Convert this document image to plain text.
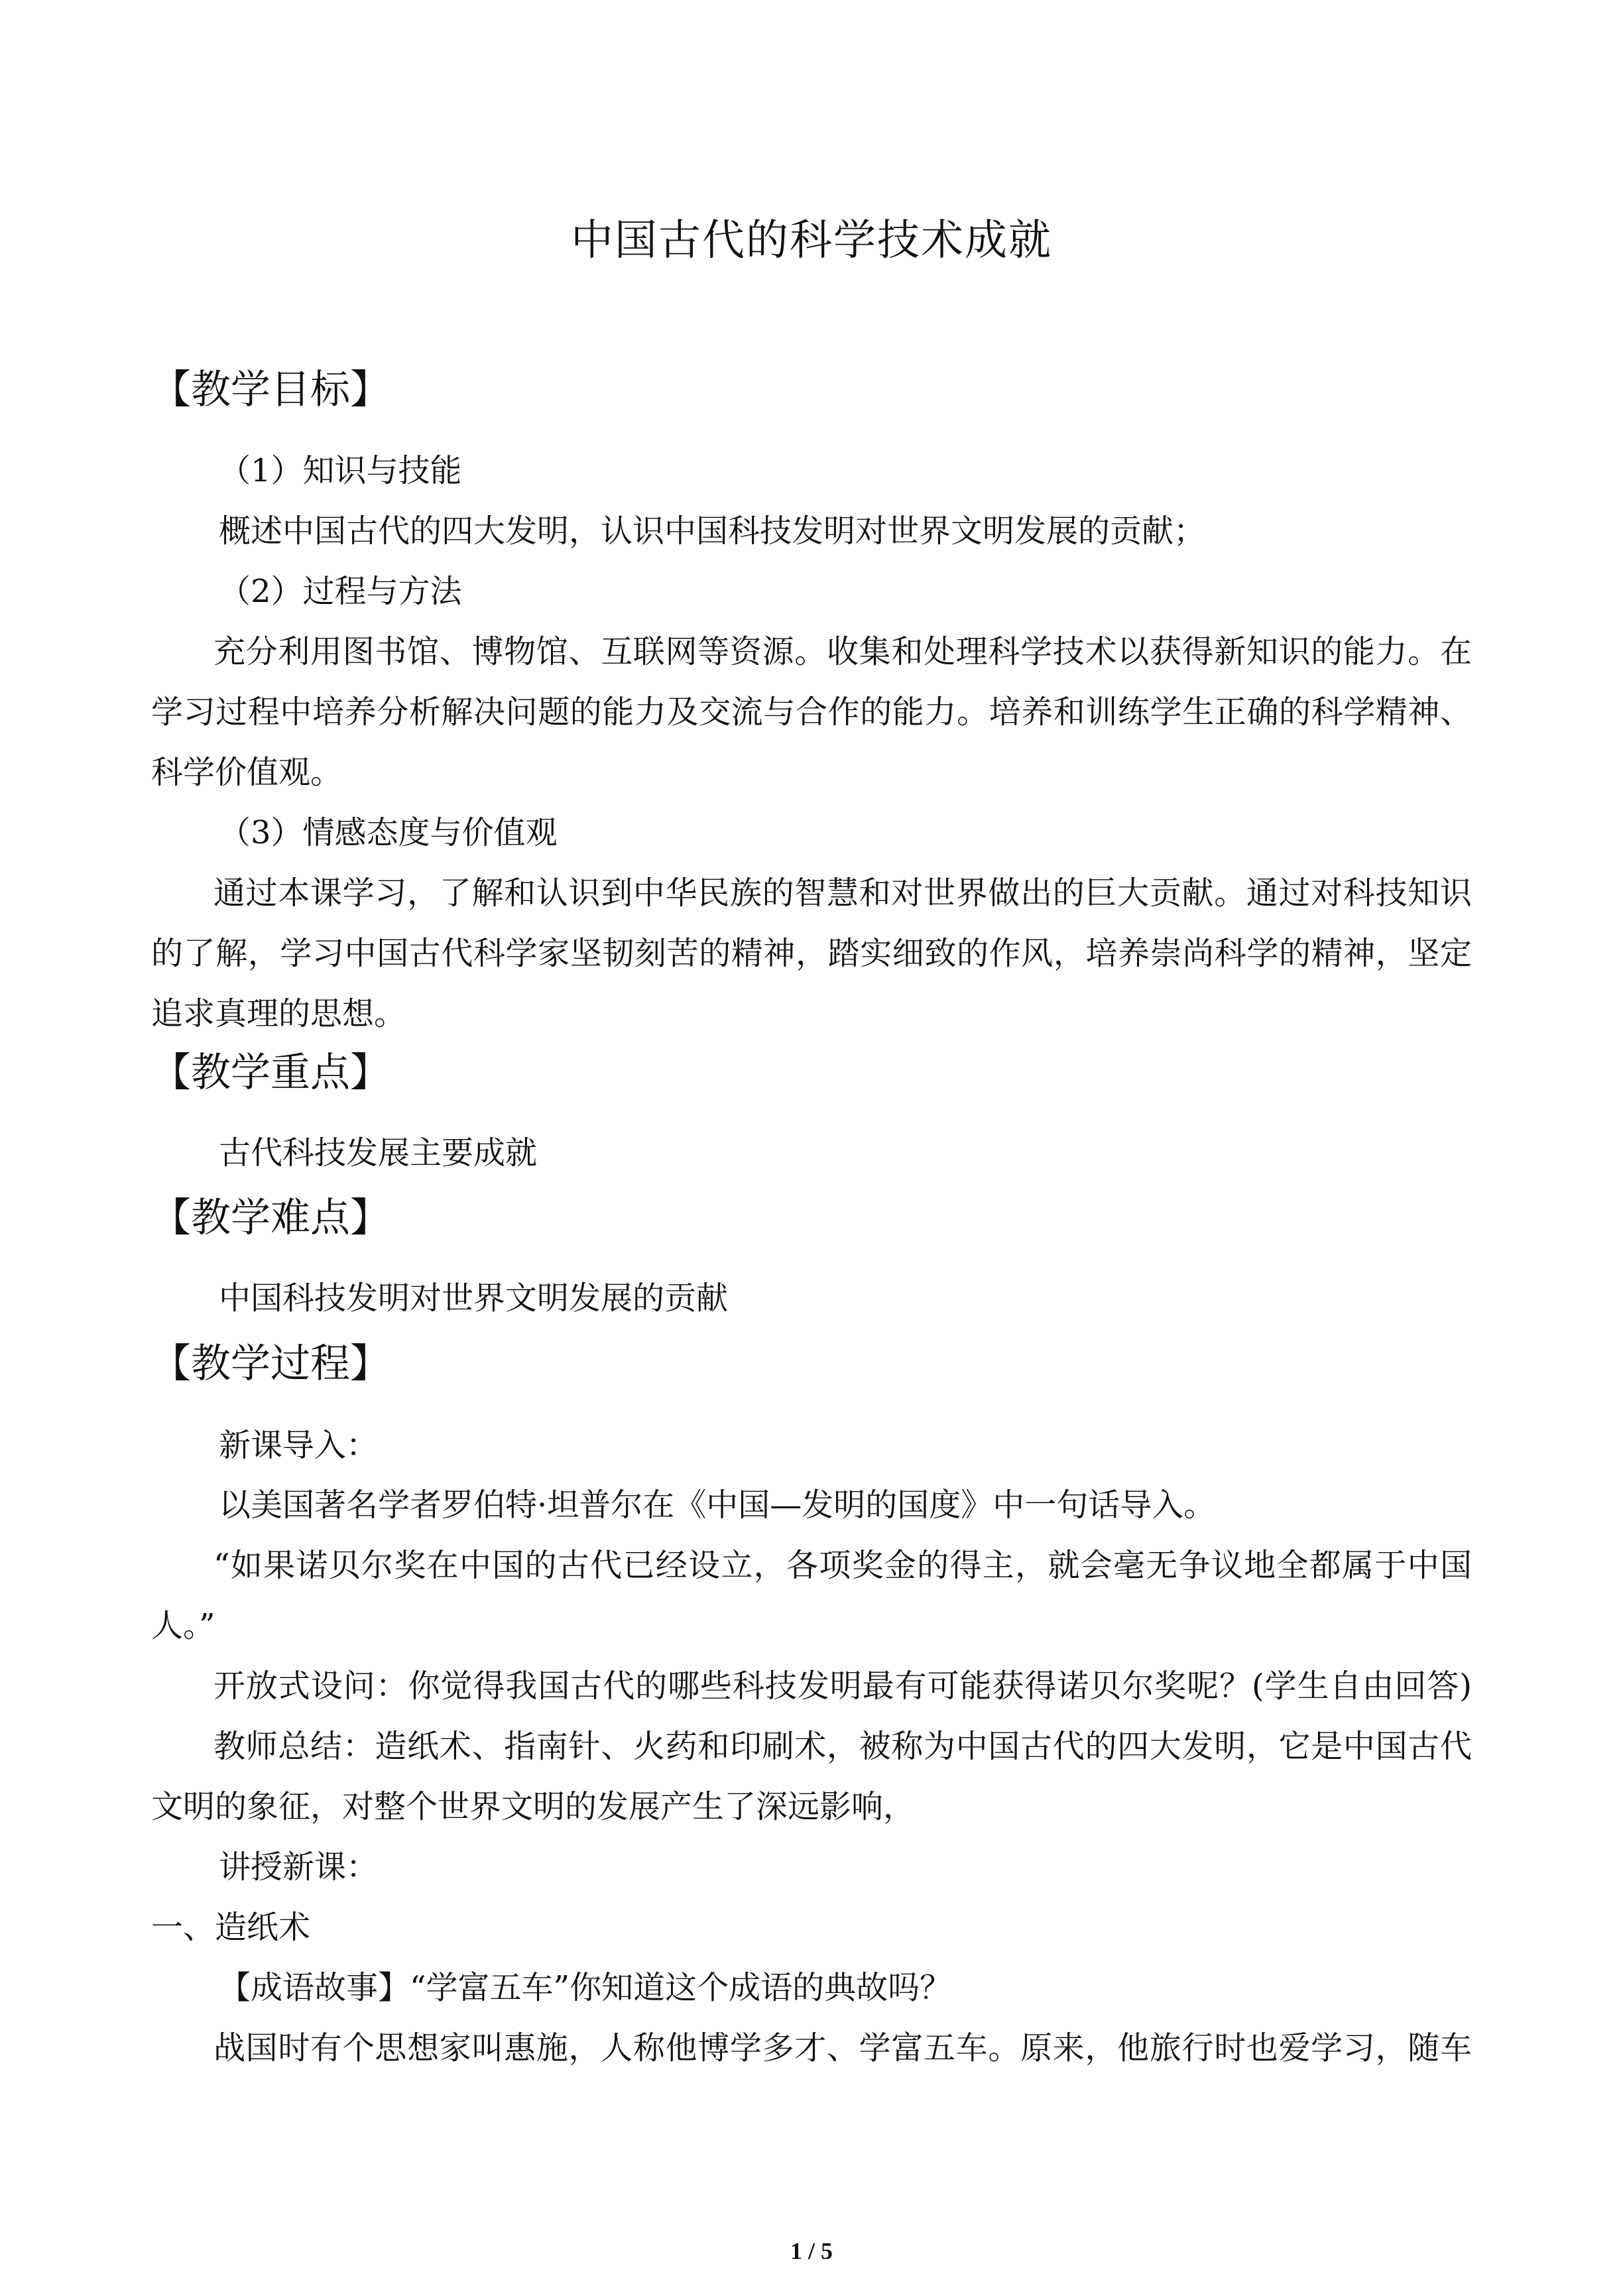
中国古代的科学技术成就
【教学目标】
（1）知识与技能
概述中国古代的四大发明，认识中国科技发明对世界文明发展的贡献；
（2）过程与方法
充分利用图书馆、博物馆、互联网等资源。收集和处理科学技术以获得新知识的能力。在
学习过程中培养分析解决问题的能力及交流与合作的能力。培养和训练学生正确的科学精神、
科学价值观。
（3）情感态度与价值观
通过本课学习，了解和认识到中华民族的智慧和对世界做出的巨大贡献。通过对科技知识
的了解，学习中国古代科学家坚韧刻苦的精神，踏实细致的作风，培养崇尚科学的精神，坚定
追求真理的思想。
【教学重点】
古代科技发展主要成就
【教学难点】
中国科技发明对世界文明发展的贡献
【教学过程】
新课导入：
以美国著名学者罗伯特·坦普尔在《中国—发明的国度》中一句话导入。
“如果诺贝尔奖在中国的古代已经设立，各项奖金的得主，就会毫无争议地全都属于中国
人。”
开放式设问：你觉得我国古代的哪些科技发明最有可能获得诺贝尔奖呢？(学生自由回答)
教师总结：造纸术、指南针、火药和印刷术，被称为中国古代的四大发明，它是中国古代
文明的象征，对整个世界文明的发展产生了深远影响，
讲授新课：
一、造纸术
【成语故事】“学富五车”你知道这个成语的典故吗？
战国时有个思想家叫惠施，人称他博学多才、学富五车。原来，他旅行时也爱学习，随车
1 / 5
